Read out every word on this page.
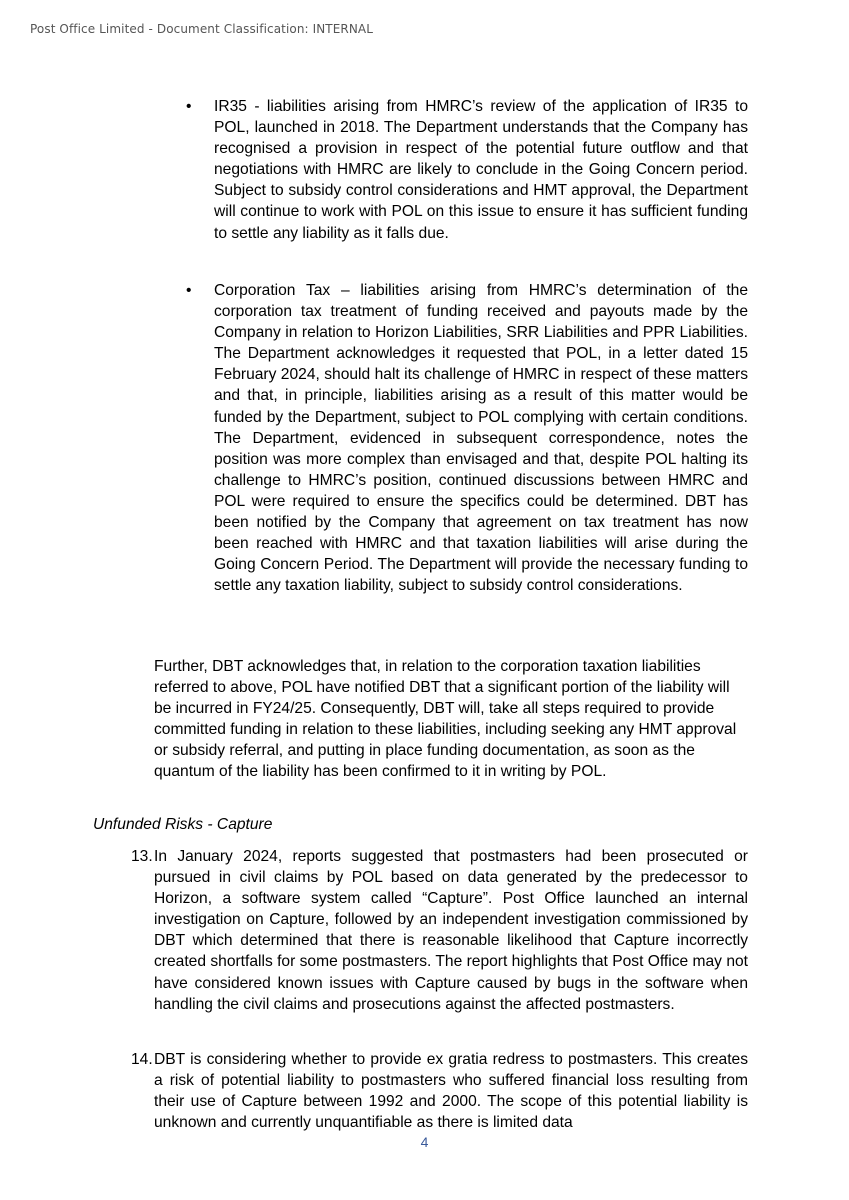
Post Office Limited - Document Classification: INTERNAL
• IR35 - liabilities arising from HMRC’s review of the application of IR35 to POL, launched in 2018. The Department understands that the Company has recognised a provision in respect of the potential future outflow and that negotiations with HMRC are likely to conclude in the Going Concern period. Subject to subsidy control considerations and HMT approval, the Department will continue to work with POL on this issue to ensure it has sufficient funding to settle any liability as it falls due.

• Corporation Tax – liabilities arising from HMRC’s determination of the corporation tax treatment of funding received and payouts made by the Company in relation to Horizon Liabilities, SRR Liabilities and PPR Liabilities. The Department acknowledges it requested that POL, in a letter dated 15 February 2024, should halt its challenge of HMRC in respect of these matters and that, in principle, liabilities arising as a result of this matter would be funded by the Department, subject to POL complying with certain conditions. The Department, evidenced in subsequent correspondence, notes the position was more complex than envisaged and that, despite POL halting its challenge to HMRC’s position, continued discussions between HMRC and POL were required to ensure the specifics could be determined. DBT has been notified by the Company that agreement on tax treatment has now been reached with HMRC and that taxation liabilities will arise during the Going Concern Period. The Department will provide the necessary funding to settle any taxation liability, subject to subsidy control considerations.

Further, DBT acknowledges that, in relation to the corporation taxation liabilities referred to above, POL have notified DBT that a significant portion of the liability will be incurred in FY24/25. Consequently, DBT will, take all steps required to provide committed funding in relation to these liabilities, including seeking any HMT approval or subsidy referral, and putting in place funding documentation, as soon as the quantum of the liability has been confirmed to it in writing by POL.

Unfunded Risks - Capture
13. In January 2024, reports suggested that postmasters had been prosecuted or pursued in civil claims by POL based on data generated by the predecessor to Horizon, a software system called “Capture”. Post Office launched an internal investigation on Capture, followed by an independent investigation commissioned by DBT which determined that there is reasonable likelihood that Capture incorrectly created shortfalls for some postmasters. The report highlights that Post Office may not have considered known issues with Capture caused by bugs in the software when handling the civil claims and prosecutions against the affected postmasters.

14. DBT is considering whether to provide ex gratia redress to postmasters. This creates a risk of potential liability to postmasters who suffered financial loss resulting from their use of Capture between 1992 and 2000. The scope of this potential liability is unknown and currently unquantifiable as there is limited data

4
